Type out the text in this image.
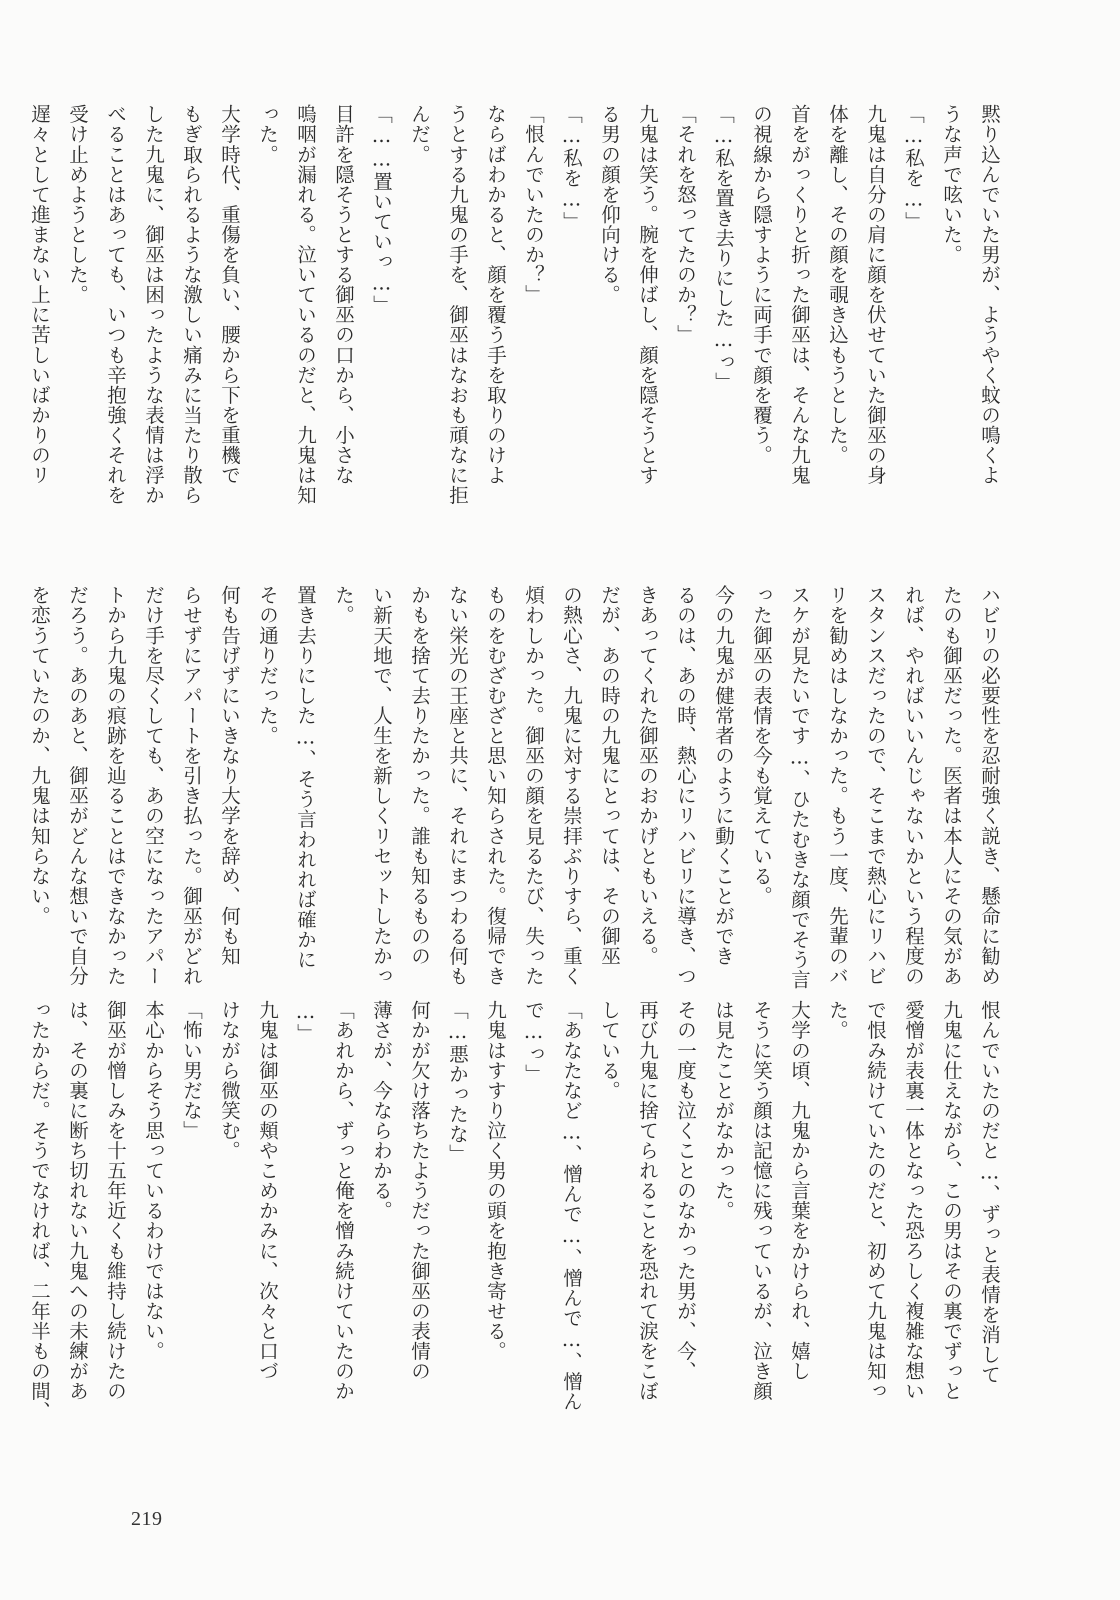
黙り込んでいた男が、ようやく蚊の鳴くよ
うな声で呟いた。
「…私を…」
九鬼は自分の肩に顔を伏せていた御巫の身
体を離し、その顔を覗き込もうとした。
首をがっくりと折った御巫は、そんな九鬼
の視線から隠すように両手で顔を覆う。
「…私を置き去りにした…っ」
「それを怒ってたのか？」
九鬼は笑う。腕を伸ばし、顔を隠そうとす
る男の顔を仰向ける。
「…私を…」
「恨んでいたのか？」
ならばわかると、顔を覆う手を取りのけよ
うとする九鬼の手を、御巫はなおも頑なに拒
んだ。
「……置いていっ…」
目許を隠そうとする御巫の口から、小さな
嗚咽が漏れる。泣いているのだと、九鬼は知
った。
大学時代、重傷を負い、腰から下を重機で
もぎ取られるような激しい痛みに当たり散ら
した九鬼に、御巫は困ったような表情は浮か
べることはあっても、いつも辛抱強くそれを
受け止めようとした。
遅々として進まない上に苦しいばかりのリ
ハビリの必要性を忍耐強く説き、懸命に勧め
たのも御巫だった。医者は本人にその気があ
れば、やればいいんじゃないかという程度の
スタンスだったので、そこまで熱心にリハビ
リを勧めはしなかった。もう一度、先輩のバ
スケが見たいです…、ひたむきな顔でそう言
った御巫の表情を今も覚えている。
今の九鬼が健常者のように動くことができ
るのは、あの時、熱心にリハビリに導き、つ
きあってくれた御巫のおかげともいえる。
だが、あの時の九鬼にとっては、その御巫
の熱心さ、九鬼に対する崇拝ぶりすら、重く
煩わしかった。御巫の顔を見るたび、失った
ものをむざむざと思い知らされた。復帰でき
ない栄光の王座と共に、それにまつわる何も
かもを捨て去りたかった。誰も知るものの
い新天地で、人生を新しくリセットしたかっ
た。
置き去りにした…、そう言われれば確かに
その通りだった。
何も告げずにいきなり大学を辞め、何も知
らせずにアパートを引き払った。御巫がどれ
だけ手を尽くしても、あの空になったアパー
トから九鬼の痕跡を辿ることはできなかった
だろう。あのあと、御巫がどんな想いで自分
を恋うていたのか、九鬼は知らない。
恨んでいたのだと…、ずっと表情を消して
九鬼に仕えながら、この男はその裏でずっと
愛憎が表裏一体となった恐ろしく複雑な想い
で恨み続けていたのだと、初めて九鬼は知っ
た。
大学の頃、九鬼から言葉をかけられ、嬉し
そうに笑う顔は記憶に残っているが、泣き顔
は見たことがなかった。
その一度も泣くことのなかった男が、今、
再び九鬼に捨てられることを恐れて涙をこぼ
している。
「あなたなど…、憎んで…、憎んで…、憎ん
で…っ」
九鬼はすすり泣く男の頭を抱き寄せる。
「…悪かったな」
何かが欠け落ちたようだった御巫の表情の
薄さが、今ならわかる。
「あれから、ずっと俺を憎み続けていたのか
…」
九鬼は御巫の頬やこめかみに、次々と口づ
けながら微笑む。
「怖い男だな」
本心からそう思っているわけではない。
御巫が憎しみを十五年近くも維持し続けたの
は、その裏に断ち切れない九鬼への未練があ
ったからだ。そうでなければ、二年半もの間、
219
